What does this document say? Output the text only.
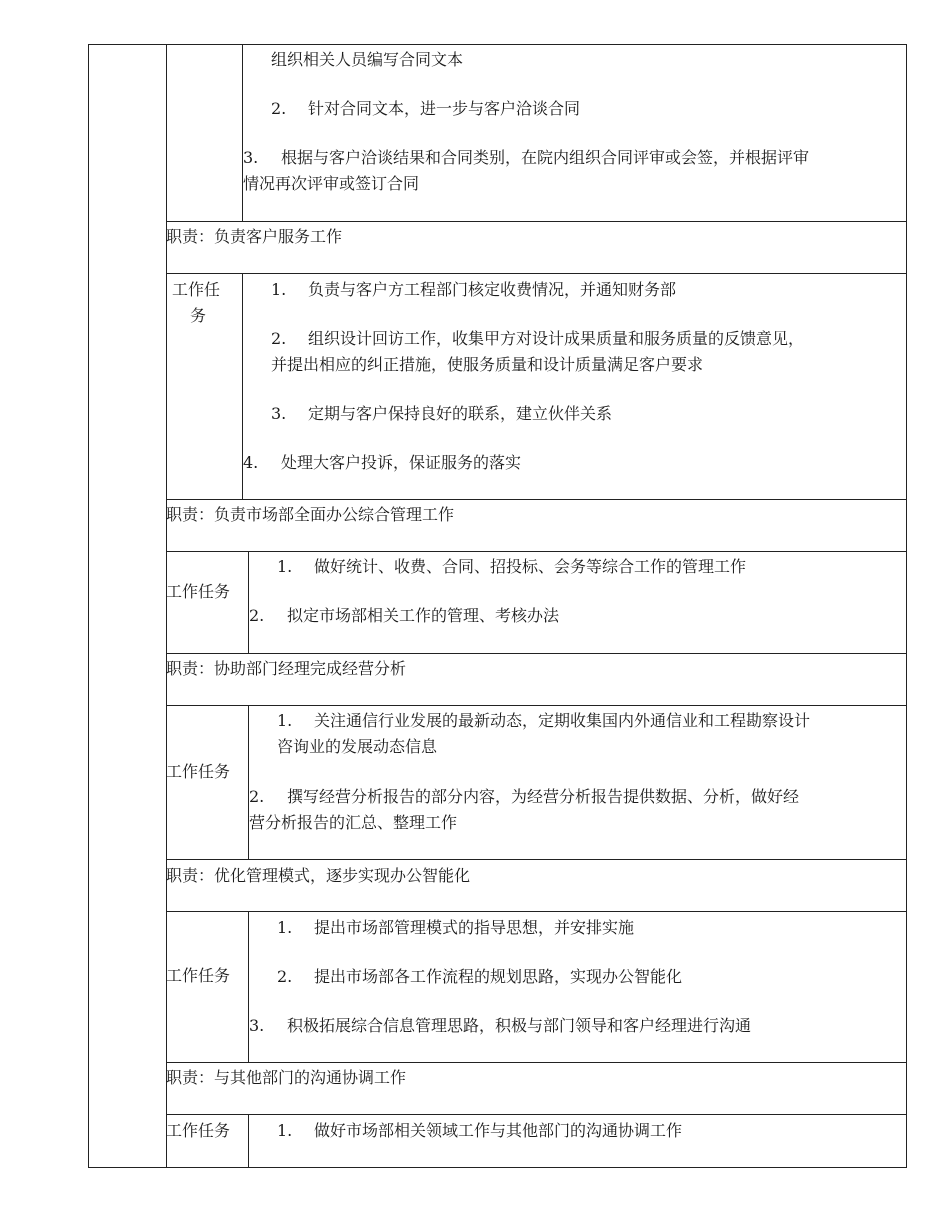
组织相关人员编写合同文本
2. 针对合同文本，进一步与客户洽谈合同
3. 根据与客户洽谈结果和合同类别，在院内组织合同评审或会签，并根据评审
情况再次评审或签订合同
职责：负责客户服务工作
工作任
务
1. 负责与客户方工程部门核定收费情况，并通知财务部
2. 组织设计回访工作，收集甲方对设计成果质量和服务质量的反馈意见，
并提出相应的纠正措施，使服务质量和设计质量满足客户要求
3. 定期与客户保持良好的联系，建立伙伴关系
4. 处理大客户投诉，保证服务的落实
职责：负责市场部全面办公综合管理工作
工作任务
1. 做好统计、收费、合同、招投标、会务等综合工作的管理工作
2. 拟定市场部相关工作的管理、考核办法
职责：协助部门经理完成经营分析
工作任务
1. 关注通信行业发展的最新动态，定期收集国内外通信业和工程勘察设计
咨询业的发展动态信息
2. 撰写经营分析报告的部分内容，为经营分析报告提供数据、分析，做好经
营分析报告的汇总、整理工作
职责：优化管理模式，逐步实现办公智能化
工作任务
1. 提出市场部管理模式的指导思想，并安排实施
2. 提出市场部各工作流程的规划思路，实现办公智能化
3. 积极拓展综合信息管理思路，积极与部门领导和客户经理进行沟通
职责：与其他部门的沟通协调工作
工作任务	1. 做好市场部相关领域工作与其他部门的沟通协调工作
